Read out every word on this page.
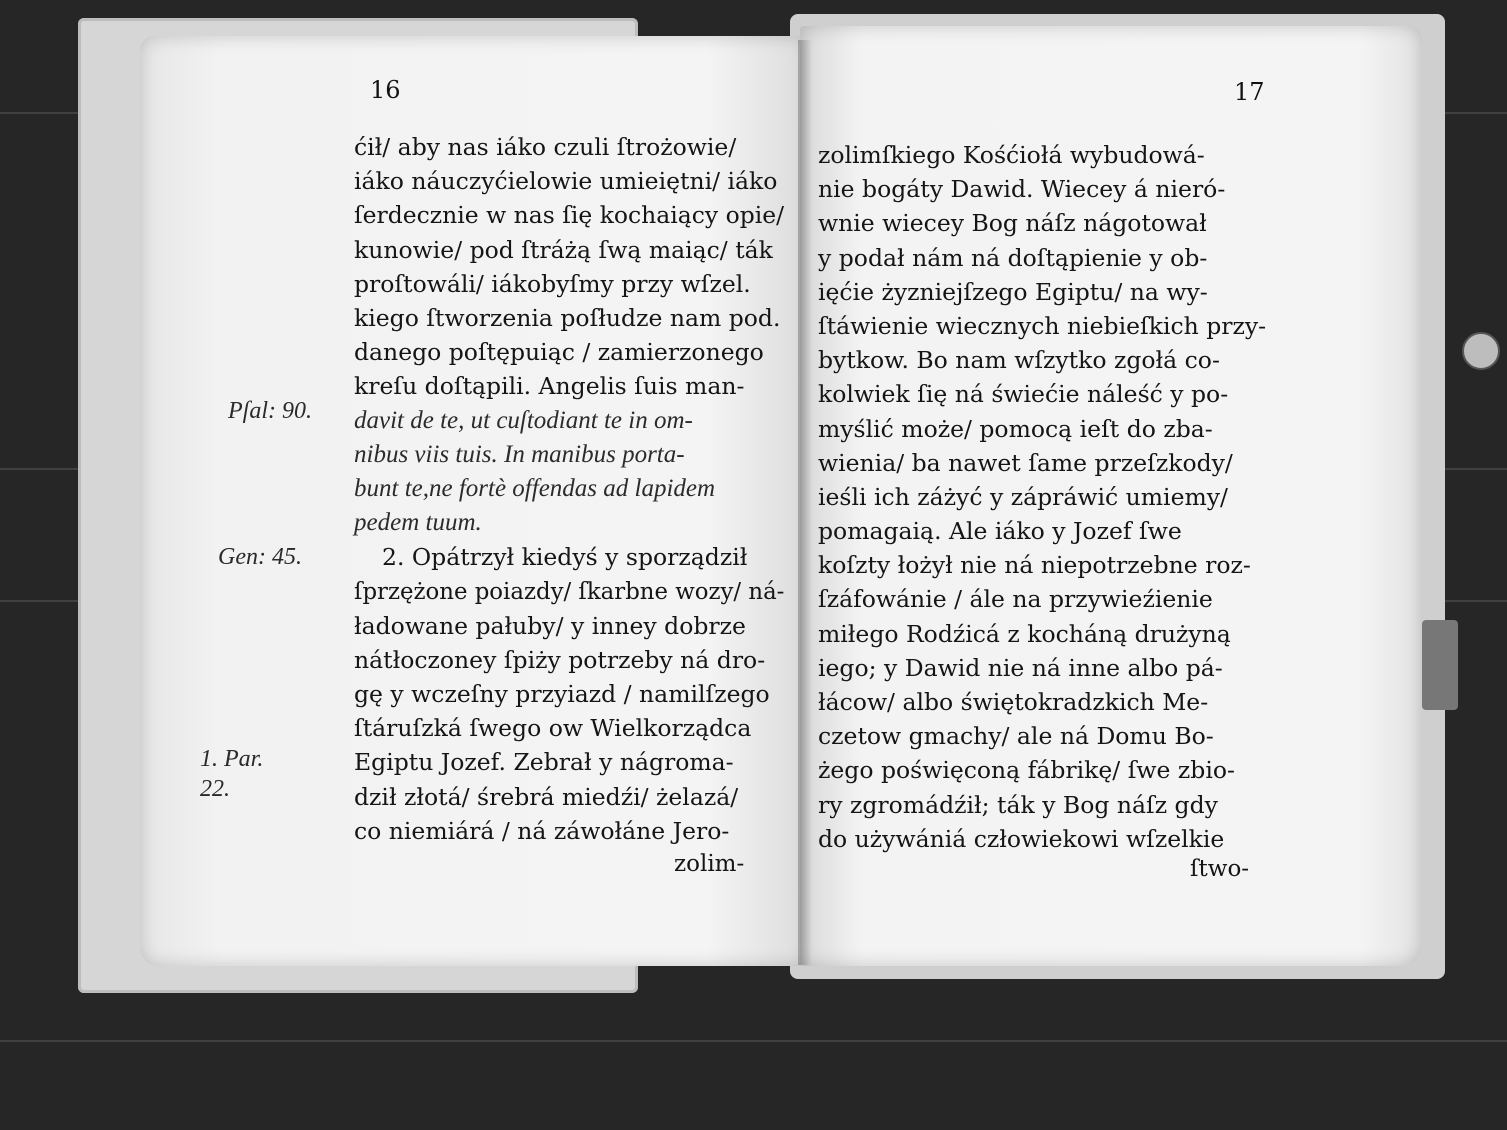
16
ćił/ aby nas iáko czuli ſtrożowie/
iáko náuczyćielowie umieiętni/ iáko
ſerdecznie w nas ſię kochaiący opie/
kunowie/ pod ſtráżą ſwą maiąc/ ták
proſtowáli/ iákobyſmy przy wſzel.
kiego ſtworzenia poſłudze nam pod.
danego poſtępuiąc / zamierzonego
kreſu doſtąpili. Angelis ſuis man-
davit de te, ut cuſtodiant te in om-
nibus viis tuis. In manibus porta-
bunt te,ne fortè offendas ad lapidem
pedem tuum.
2. Opátrzył kiedyś y sporządził
ſprzężone poiazdy/ ſkarbne wozy/ ná-
ładowane pałuby/ y inney dobrze
nátłoczoney ſpiży potrzeby ná dro-
gę y wczeſny przyiazd / namilſzego
ſtáruſzká ſwego ow Wielkorządca
Egiptu Jozef. Zebrał y nágroma-
dził złotá/ śrebrá miedźi/ żelazá/
co niemiárá / ná záwołáne Jero-
zolim-
Pſal: 90.
Gen: 45.
1. Par.
22.
17
zolimſkiego Kośćiołá wybudowá-
nie bogáty Dawid. Wiecey á nieró-
wnie wiecey Bog náſz nágotował
y podał nám ná doſtąpienie y ob-
ięćie żyzniejſzego Egiptu/ na wy-
ſtáwienie wiecznych niebieſkich przy-
bytkow. Bo nam wſzytko zgołá co-
kolwiek ſię ná świećie náleść y po-
myślić może/ pomocą ieſt do zba-
wienia/ ba nawet ſame przeſzkody/
ieśli ich záżyć y zápráwić umiemy/
pomagaią. Ale iáko y Jozef ſwe
koſzty łożył nie ná niepotrzebne roz-
ſzáfowánie / ále na przywieźienie
miłego Rodźicá z kocháną drużyną
iego; y Dawid nie ná inne albo pá-
łácow/ albo świętokradzkich Me-
czetow gmachy/ ale ná Domu Bo-
żego poświęconą fábrikę/ ſwe zbio-
ry zgromádźił; ták y Bog náſz gdy
do używániá człowiekowi wſzelkie
ſtwo-
